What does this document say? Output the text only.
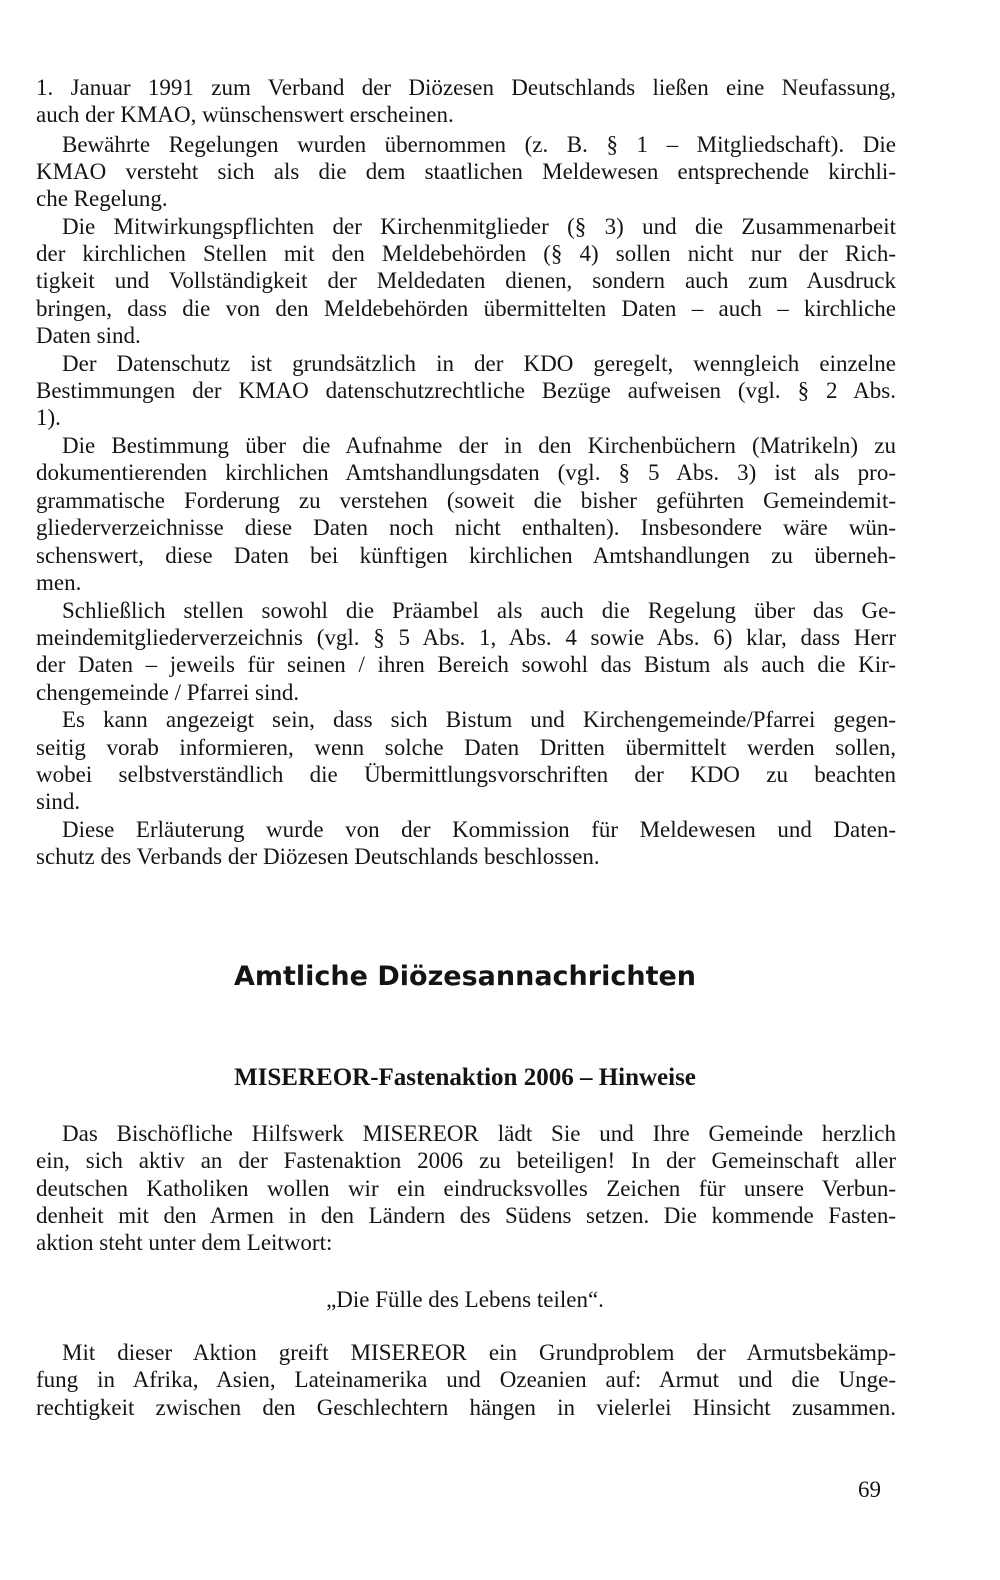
1. Januar 1991 zum Verband der Diözesen Deutschlands ließen eine Neufassung,
auch der KMAO, wünschenswert erscheinen.
Bewährte Regelungen wurden übernommen (z. B. § 1 – Mitgliedschaft). Die
KMAO versteht sich als die dem staatlichen Meldewesen entsprechende kirchli-
che Regelung.
Die Mitwirkungspflichten der Kirchenmitglieder (§ 3) und die Zusammenarbeit
der kirchlichen Stellen mit den Meldebehörden (§ 4) sollen nicht nur der Rich-
tigkeit und Vollständigkeit der Meldedaten dienen, sondern auch zum Ausdruck
bringen, dass die von den Meldebehörden übermittelten Daten – auch – kirchliche
Daten sind.
Der Datenschutz ist grundsätzlich in der KDO geregelt, wenngleich einzelne
Bestimmungen der KMAO datenschutzrechtliche Bezüge aufweisen (vgl. § 2 Abs.
1).
Die Bestimmung über die Aufnahme der in den Kirchenbüchern (Matrikeln) zu
dokumentierenden kirchlichen Amtshandlungsdaten (vgl. § 5 Abs. 3) ist als pro-
grammatische Forderung zu verstehen (soweit die bisher geführten Gemeindemit-
gliederverzeichnisse diese Daten noch nicht enthalten). Insbesondere wäre wün-
schenswert, diese Daten bei künftigen kirchlichen Amtshandlungen zu überneh-
men.
Schließlich stellen sowohl die Präambel als auch die Regelung über das Ge-
meindemitgliederverzeichnis (vgl. § 5 Abs. 1, Abs. 4 sowie Abs. 6) klar, dass Herr
der Daten – jeweils für seinen / ihren Bereich sowohl das Bistum als auch die Kir-
chengemeinde / Pfarrei sind.
Es kann angezeigt sein, dass sich Bistum und Kirchengemeinde/Pfarrei gegen-
seitig vorab informieren, wenn solche Daten Dritten übermittelt werden sollen,
wobei selbstverständlich die Übermittlungsvorschriften der KDO zu beachten
sind.
Diese Erläuterung wurde von der Kommission für Meldewesen und Daten-
schutz des Verbands der Diözesen Deutschlands beschlossen.
Amtliche Diözesannachrichten
MISEREOR-Fastenaktion 2006 – Hinweise
Das Bischöfliche Hilfswerk MISEREOR lädt Sie und Ihre Gemeinde herzlich
ein, sich aktiv an der Fastenaktion 2006 zu beteiligen! In der Gemeinschaft aller
deutschen Katholiken wollen wir ein eindrucksvolles Zeichen für unsere Verbun-
denheit mit den Armen in den Ländern des Südens setzen. Die kommende Fasten-
aktion steht unter dem Leitwort:
„Die Fülle des Lebens teilen“.
Mit dieser Aktion greift MISEREOR ein Grundproblem der Armutsbekämp-
fung in Afrika, Asien, Lateinamerika und Ozeanien auf: Armut und die Unge-
rechtigkeit zwischen den Geschlechtern hängen in vielerlei Hinsicht zusammen.
69
